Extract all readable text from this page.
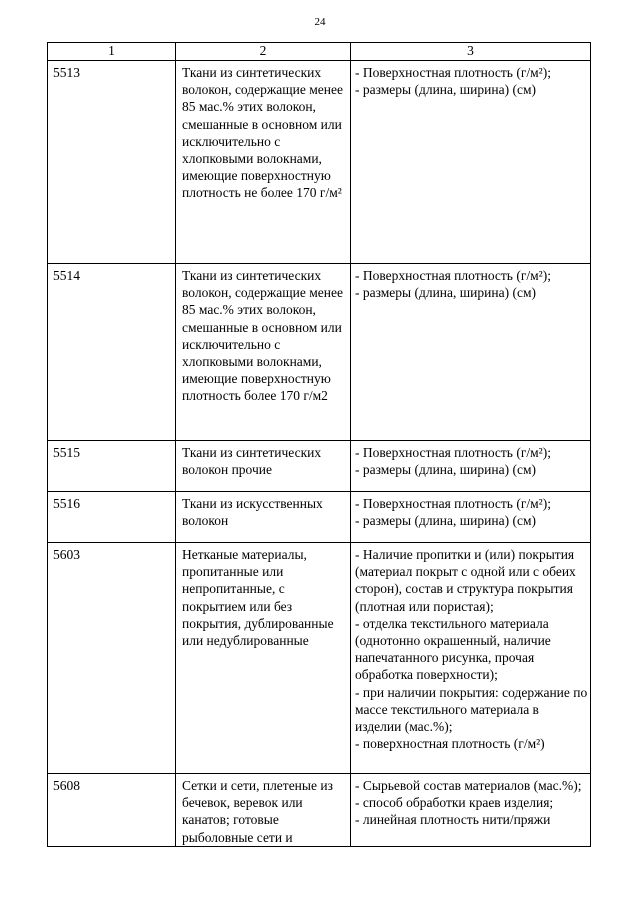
24
1	2	3
5513	Ткани из синтетических волокон, содержащие менее 85 мас.% этих волокон, смешанные в основном или исключительно с хлопковыми волокнами, имеющие поверхностную плотность не более 170 г/м²	- Поверхностная плотность (г/м²);
- размеры (длина, ширина) (см)

5514	Ткани из синтетических волокон, содержащие менее 85 мас.% этих волокон, смешанные в основном или исключительно с хлопковыми волокнами, имеющие поверхностную плотность более 170 г/м2	- Поверхностная плотность (г/м²);
- размеры (длина, ширина) (см)

5515	Ткани из синтетических волокон прочие	- Поверхностная плотность (г/м²);
- размеры (длина, ширина) (см)

5516	Ткани из искусственных волокон	- Поверхностная плотность (г/м²);
- размеры (длина, ширина) (см)

5603	Нетканые материалы, пропитанные или непропитанные, с покрытием или без покрытия, дублированные или недублированные	- Наличие пропитки и (или) покрытия (материал покрыт с одной или с обеих сторон), состав и структура покрытия (плотная или пористая);
- отделка текстильного материала (однотонно окрашенный, наличие напечатанного рисунка, прочая обработка поверхности);
- при наличии покрытия: содержание по массе текстильного материала в изделии (мас.%);
- поверхностная плотность (г/м²)

5608	Сетки и сети, плетеные из бечевок, веревок или канатов; готовые рыболовные сети и	- Сырьевой состав материалов (мас.%);
- способ обработки краев изделия;
- линейная плотность нити/пряжи
